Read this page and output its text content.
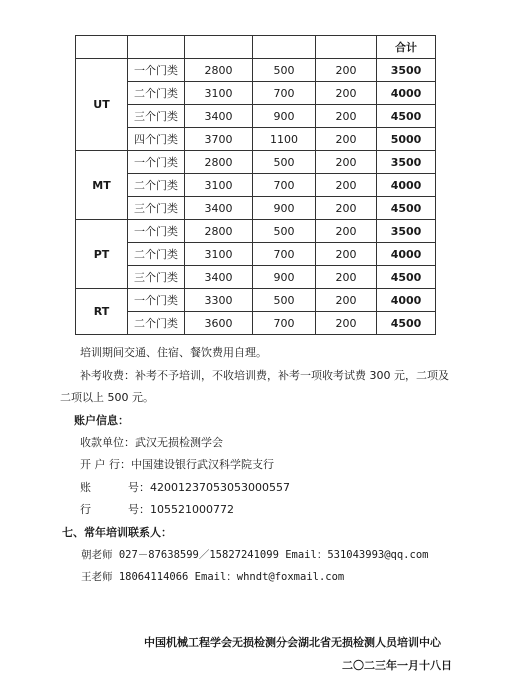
					合计
UT	一个门类	2800	500	200	3500
	二个门类	3100	700	200	4000
	三个门类	3400	900	200	4500
	四个门类	3700	1100	200	5000
MT	一个门类	2800	500	200	3500
	二个门类	3100	700	200	4000
	三个门类	3400	900	200	4500
PT	一个门类	2800	500	200	3500
	二个门类	3100	700	200	4000
	三个门类	3400	900	200	4500
RT	一个门类	3300	500	200	4000
	二个门类	3600	700	200	4500
培训期间交通、住宿、餐饮费用自理。
补考收费：补考不予培训，不收培训费，补考一项收考试费 300 元，二项及
二项以上 500 元。
账户信息：
收款单位：武汉无损检测学会
开 户 行：中国建设银行武汉科学院支行
账	号：42001237053053000557
行	号：105521000772
七、常年培训联系人：
朝老师 027－87638599／15827241099 Email：531043993@qq.com
王老师 18064114066 Email：whndt@foxmail.com
中国机械工程学会无损检测分会湖北省无损检测人员培训中心
二〇二三年一月十八日
